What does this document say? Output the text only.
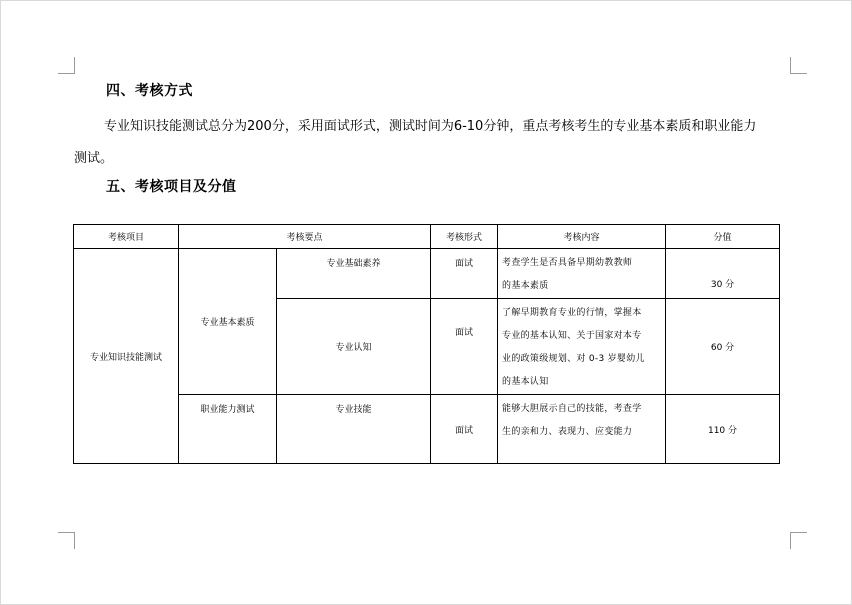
四、考核方式
专业知识技能测试总分为200分，采用面试形式，测试时间为6-10分钟，重点考核考生的专业基本素质和职业能力
测试。
五、考核项目及分值
考核项目	考核要点		考核形式	考核内容	分值
专业知识技能测试	专业基本素质	专业基础素养	面试	考查学生是否具备早期幼教教师
的基本素质	30 分
		专业认知	面试	了解早期教育专业的行情，掌握本
专业的基本认知、关于国家对本专
业的政策级规划、对 0-3 岁婴幼儿
的基本认知	60 分
	职业能力测试	专业技能	面试	能够大胆展示自己的技能，考查学
生的亲和力、表现力、应变能力	110 分
